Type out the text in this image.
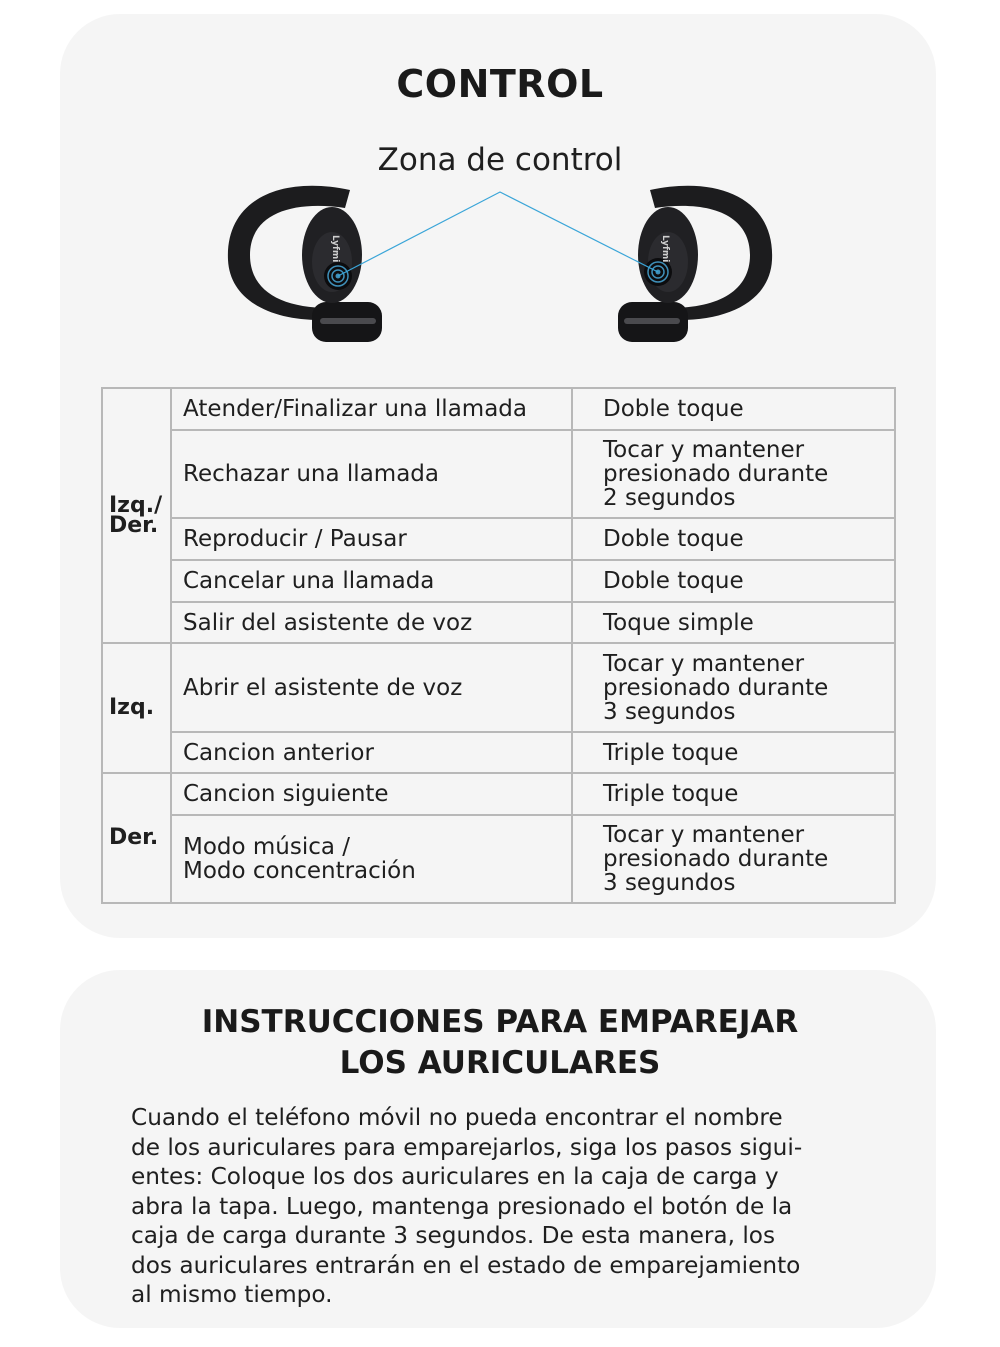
CONTROL
Zona de control
Lyfmi	Lyfmi
Izq./
Der.	Atender/Finalizar una llamada	Doble toque
	Rechazar una llamada	Tocar y mantener
presionado durante
2 segundos
	Reproducir / Pausar	Doble toque
	Cancelar una llamada	Doble toque
	Salir del asistente de voz	Toque simple
Izq.	Abrir el asistente de voz	Tocar y mantener
presionado durante
3 segundos
	Cancion anterior	Triple toque
Der.	Cancion siguiente	Triple toque
	Modo música /
Modo concentración	Tocar y mantener
presionado durante
3 segundos
INSTRUCCIONES PARA EMPAREJAR
LOS AURICULARES
Cuando el teléfono móvil no pueda encontrar el nombre
de los auriculares para emparejarlos, siga los pasos sigui-
entes: Coloque los dos auriculares en la caja de carga y
abra la tapa. Luego, mantenga presionado el botón de la
caja de carga durante 3 segundos. De esta manera, los
dos auriculares entrarán en el estado de emparejamiento
al mismo tiempo.
